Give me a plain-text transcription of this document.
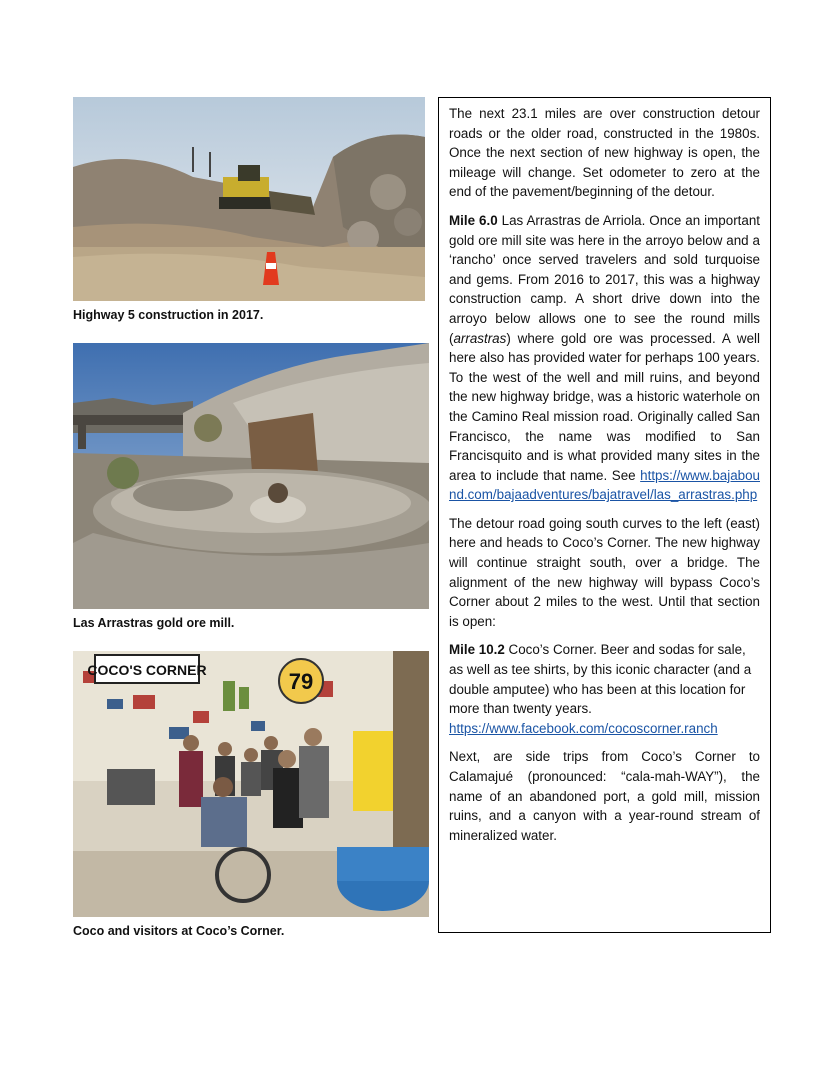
Highway 5 construction in 2017.
Las Arrastras gold ore mill.
COCO'S CORNER	79
Coco and visitors at Coco’s Corner.

The next 23.1 miles are over construction detour roads or the older road, constructed in the 1980s. Once the next section of new highway is open, the mileage will change. Set odometer to zero at the end of the pavement/beginning of the detour.

Mile 6.0 Las Arrastras de Arriola. Once an important gold ore mill site was here in the arroyo below and a ‘rancho’ once served travelers and sold turquoise and gems. From 2016 to 2017, this was a highway construction camp. A short drive down into the arroyo below allows one to see the round mills (arrastras) where gold ore was processed. A well here also has provided water for perhaps 100 years. To the west of the well and mill ruins, and beyond the new highway bridge, was a historic waterhole on the Camino Real mission road. Originally called San Francisco, the name was modified to San Francisquito and is what provided many sites in the area to include that name. See https://www.bajabound.com/bajaadventures/bajatravel/las_arrastras.php

The detour road going south curves to the left (east) here and heads to Coco’s Corner. The new highway will continue straight south, over a bridge. The alignment of the new highway will bypass Coco’s Corner about 2 miles to the west. Until that section is open:

Mile 10.2 Coco’s Corner. Beer and sodas for sale, as well as tee shirts, by this iconic character (and a double amputee) who has been at this location for more than twenty years.
https://www.facebook.com/cocoscorner.ranch

Next, are side trips from Coco’s Corner to Calamajué (pronounced: “cala-mah-WAY”), the name of an abandoned port, a gold mill, mission ruins, and a canyon with a year-round stream of mineralized water.
